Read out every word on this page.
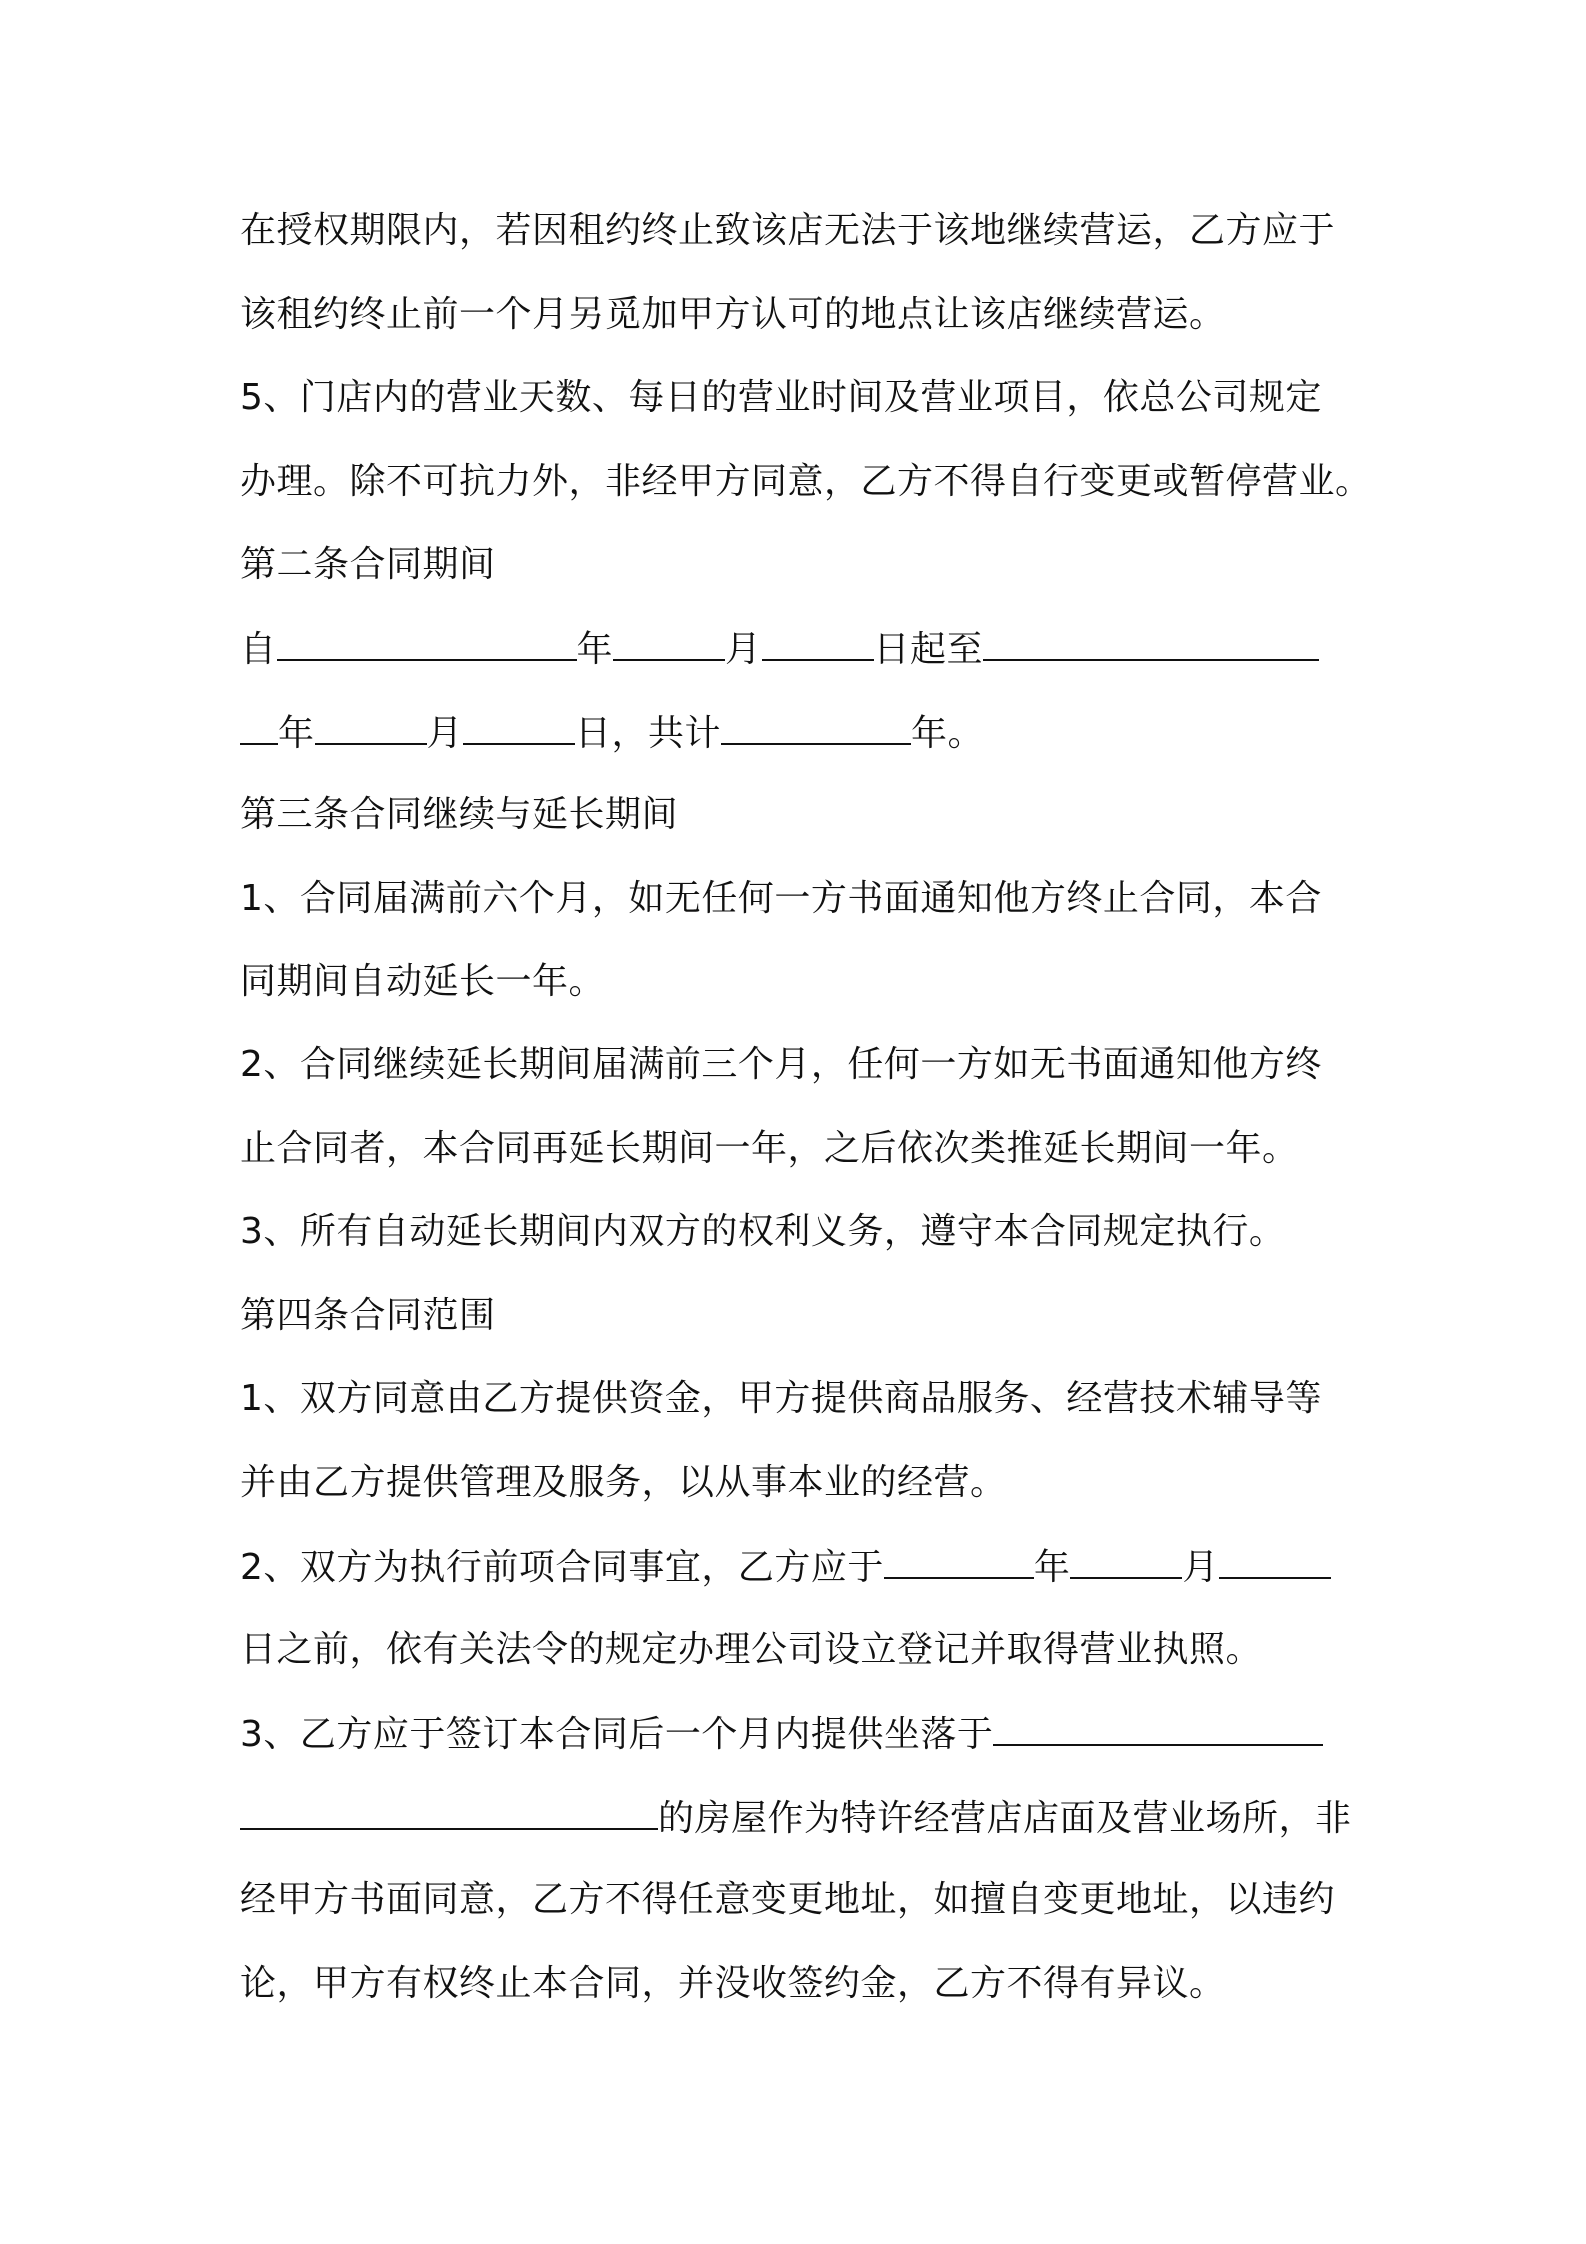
在授权期限内，若因租约终止致该店无法于该地继续营运，乙方应于
该租约终止前一个月另觅加甲方认可的地点让该店继续营运。
5、门店内的营业天数、每日的营业时间及营业项目，依总公司规定
办理。除不可抗力外，非经甲方同意，乙方不得自行变更或暂停营业。
第二条合同期间
自	年	月	日起至
年	月	日，共计	年。
第三条合同继续与延长期间
1、合同届满前六个月，如无任何一方书面通知他方终止合同，本合
同期间自动延长一年。
2、合同继续延长期间届满前三个月，任何一方如无书面通知他方终
止合同者，本合同再延长期间一年，之后依次类推延长期间一年。
3、所有自动延长期间内双方的权利义务，遵守本合同规定执行。
第四条合同范围
1、双方同意由乙方提供资金，甲方提供商品服务、经营技术辅导等
并由乙方提供管理及服务，以从事本业的经营。
2、双方为执行前项合同事宜，乙方应于	年	月
日之前，依有关法令的规定办理公司设立登记并取得营业执照。
3、乙方应于签订本合同后一个月内提供坐落于
的房屋作为特许经营店店面及营业场所，非
经甲方书面同意，乙方不得任意变更地址，如擅自变更地址，以违约
论，甲方有权终止本合同，并没收签约金，乙方不得有异议。
